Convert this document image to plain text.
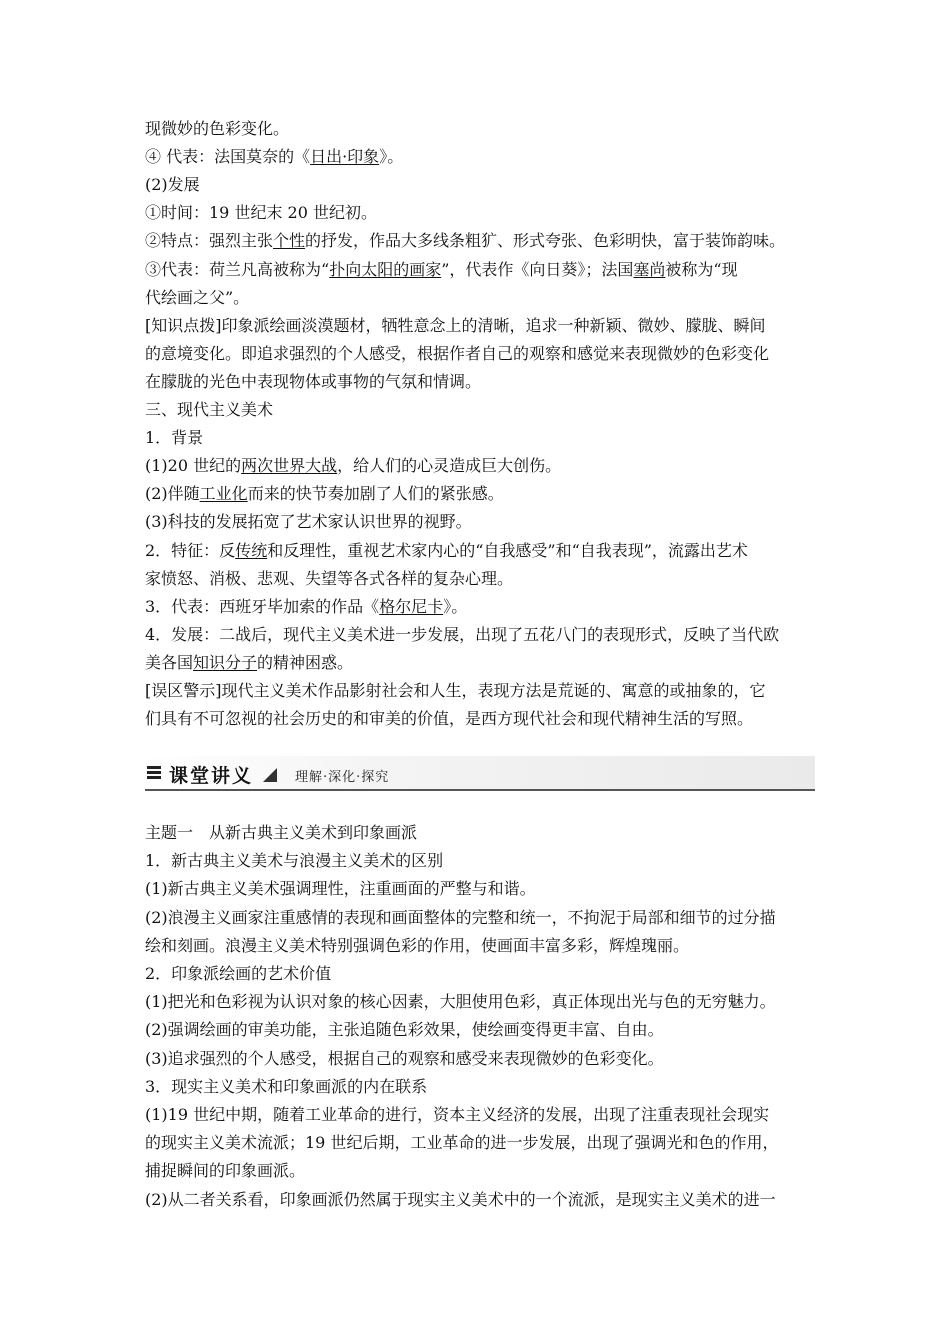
现微妙的色彩变化。
④ 代表：法国莫奈的《日出·印象》。
(2)发展
①时间：19 世纪末 20 世纪初。
②特点：强烈主张个性的抒发，作品大多线条粗犷、形式夸张、色彩明快，富于装饰韵味。
③代表：荷兰凡高被称为“扑向太阳的画家”，代表作《向日葵》；法国塞尚被称为“现
代绘画之父”。
[知识点拨]印象派绘画淡漠题材，牺牲意念上的清晰，追求一种新颖、微妙、朦胧、瞬间
的意境变化。即追求强烈的个人感受，根据作者自己的观察和感觉来表现微妙的色彩变化
在朦胧的光色中表现物体或事物的气氛和情调。
三、现代主义美术
1．背景
(1)20 世纪的两次世界大战，给人们的心灵造成巨大创伤。
(2)伴随工业化而来的快节奏加剧了人们的紧张感。
(3)科技的发展拓宽了艺术家认识世界的视野。
2．特征：反传统和反理性，重视艺术家内心的“自我感受”和“自我表现”，流露出艺术
家愤怒、消极、悲观、失望等各式各样的复杂心理。
3．代表：西班牙毕加索的作品《格尔尼卡》。
4．发展：二战后，现代主义美术进一步发展，出现了五花八门的表现形式，反映了当代欧
美各国知识分子的精神困惑。
[误区警示]现代主义美术作品影射社会和人生，表现方法是荒诞的、寓意的或抽象的，它
们具有不可忽视的社会历史的和审美的价值，是西方现代社会和现代精神生活的写照。
课堂讲义	理解·深化·探究
主题一　从新古典主义美术到印象画派
1．新古典主义美术与浪漫主义美术的区别
(1)新古典主义美术强调理性，注重画面的严整与和谐。
(2)浪漫主义画家注重感情的表现和画面整体的完整和统一，不拘泥于局部和细节的过分描
绘和刻画。浪漫主义美术特别强调色彩的作用，使画面丰富多彩，辉煌瑰丽。
2．印象派绘画的艺术价值
(1)把光和色彩视为认识对象的核心因素，大胆使用色彩，真正体现出光与色的无穷魅力。
(2)强调绘画的审美功能，主张追随色彩效果，使绘画变得更丰富、自由。
(3)追求强烈的个人感受，根据自己的观察和感受来表现微妙的色彩变化。
3．现实主义美术和印象画派的内在联系
(1)19 世纪中期，随着工业革命的进行，资本主义经济的发展，出现了注重表现社会现实
的现实主义美术流派；19 世纪后期，工业革命的进一步发展，出现了强调光和色的作用，
捕捉瞬间的印象画派。
(2)从二者关系看，印象画派仍然属于现实主义美术中的一个流派，是现实主义美术的进一
